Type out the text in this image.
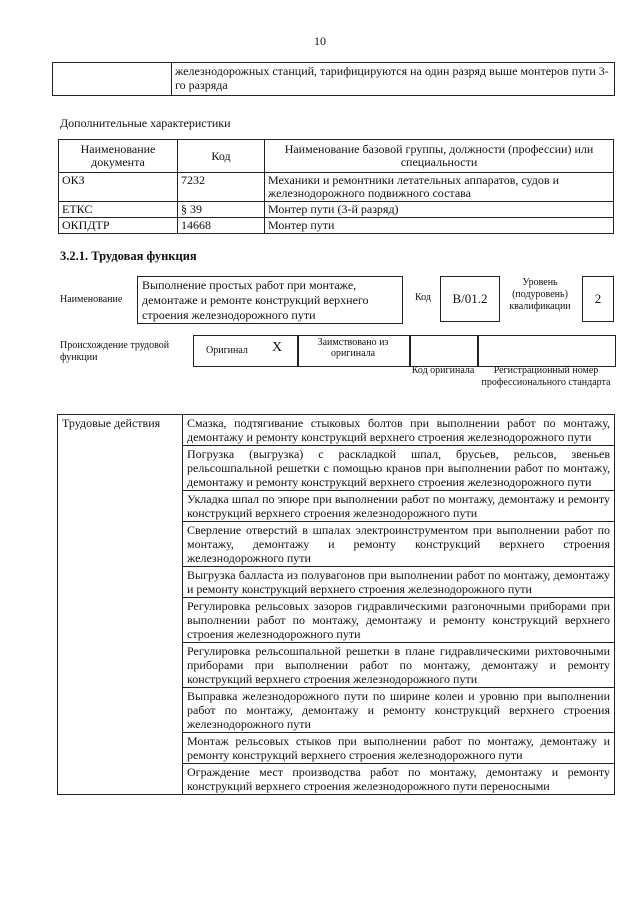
10
	железнодорожных станций, тарифицируются на один разряд выше монтеров пути 3-го разряда
Дополнительные характеристики
Наименование документа	Код	Наименование базовой группы, должности (профессии) или специальности
ОКЗ	7232	Механики и ремонтники летательных аппаратов, судов и железнодорожного подвижного состава
ЕТКС	§ 39	Монтер пути (3-й разряд)
ОКПДТР	14668	Монтер пути
3.2.1. Трудовая функция
Наименование
Выполнение простых работ при монтаже, демонтаже и ремонте конструкций верхнего строения железнодорожного пути
Код	В/01.2
Уровень (подуровень) квалификации
2
Происхождение трудовой функции
Оригинал X	Заимствовано из оригинала
Код оригинала	Регистрационный номер профессионального стандарта
Трудовые действия	Смазка, подтягивание стыковых болтов при выполнении работ по монтажу, демонтажу и ремонту конструкций верхнего строения железнодорожного пути
Погрузка (выгрузка) с раскладкой шпал, брусьев, рельсов, звеньев рельсошпальной решетки с помощью кранов при выполнении работ по монтажу, демонтажу и ремонту конструкций верхнего строения железнодорожного пути
Укладка шпал по эпюре при выполнении работ по монтажу, демонтажу и ремонту конструкций верхнего строения железнодорожного пути
Сверление отверстий в шпалах электроинструментом при выполнении работ по монтажу, демонтажу и ремонту конструкций верхнего строения железнодорожного пути
Выгрузка балласта из полувагонов при выполнении работ по монтажу, демонтажу и ремонту конструкций верхнего строения железнодорожного пути
Регулировка рельсовых зазоров гидравлическими разгоночными приборами при выполнении работ по монтажу, демонтажу и ремонту конструкций верхнего строения железнодорожного пути
Регулировка рельсошпальной решетки в плане гидравлическими рихтовочными приборами при выполнении работ по монтажу, демонтажу и ремонту конструкций верхнего строения железнодорожного пути
Выправка железнодорожного пути по ширине колеи и уровню при выполнении работ по монтажу, демонтажу и ремонту конструкций верхнего строения железнодорожного пути
Монтаж рельсовых стыков при выполнении работ по монтажу, демонтажу и ремонту конструкций верхнего строения железнодорожного пути
Ограждение мест производства работ по монтажу, демонтажу и ремонту конструкций верхнего строения железнодорожного пути переносными
